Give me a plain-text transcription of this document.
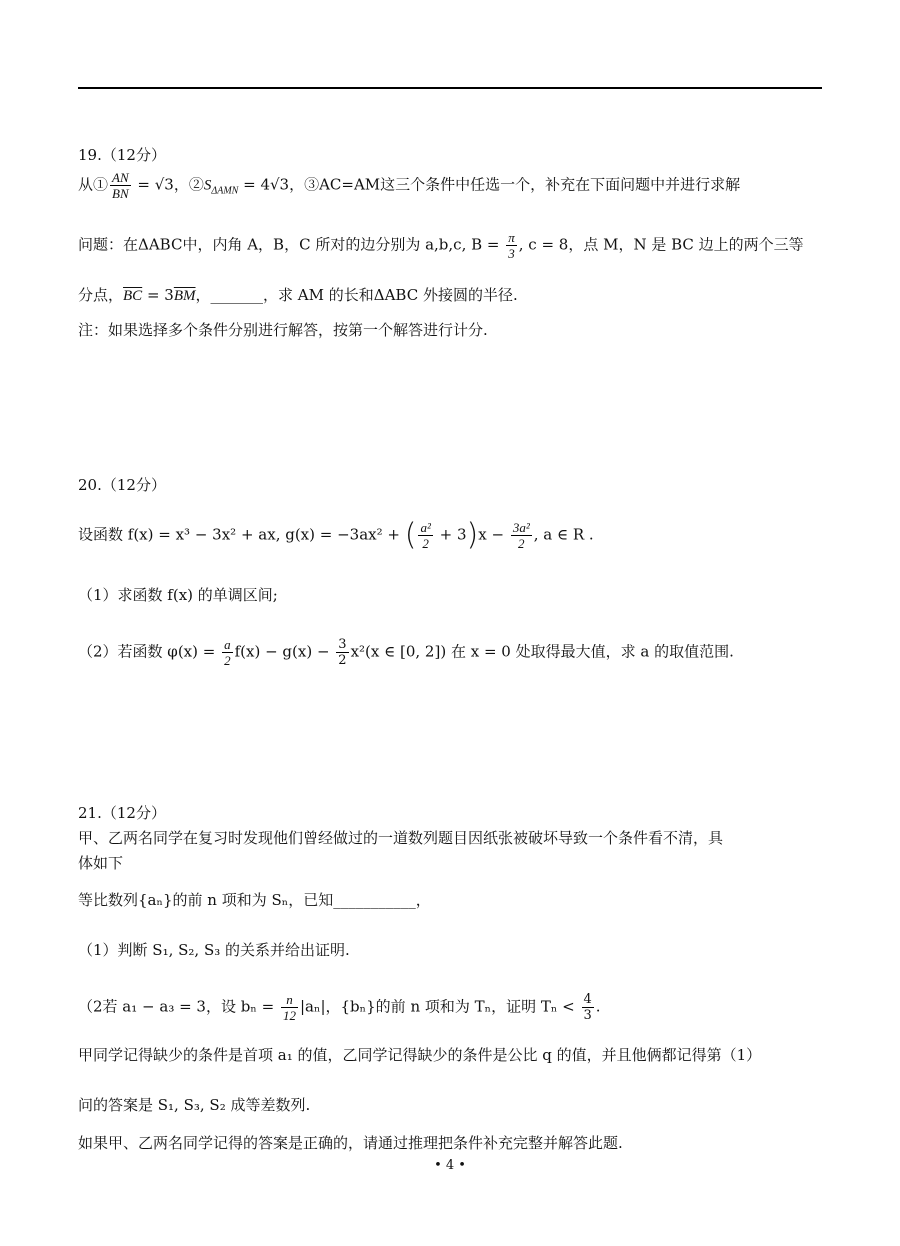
19.（12分）
从① $\frac{AN}{BN} = √3$，$②S_{\Delta AMN} = 4√3$，③AC=AM这三个条件中任选一个，补充在下面问题中并进行求解
问题：在ΔABC中，内角 A，B，C 所对的边分别为 a,b,c, $B = \frac{\pi}{3}$ , c = 8，点 M，N 是 BC 边上的两个三等
分点，$\overline{BC} = 3\overline{BM}$，_______，求 AM 的长和ΔABC 外接圆的半径.
注：如果选择多个条件分别进行解答，按第一个解答进行计分.
20.（12分）
设函数 f(x) = x³ − 3x² + ax, g(x) = −3ax² + ( $\frac{\text{a²}}{2} + 3)x - \frac{\text{3a²}}{2}$ , a ∈ R .
（1）求函数 f(x) 的单调区间;
（2）若函数 $\varphi(x) = \frac{a}{2} f(x) - g(x) - \frac{3}{2} x^2(x$ ∈ [0, 2]) 在 x = 0 处取得最大值，求 a 的取值范围.
21.（12分）
甲、乙两名同学在复习时发现他们曾经做过的一道数列题目因纸张被破坏导致一个条件看不清，具
体如下
等比数列{aₙ}的前 n 项和为 Sₙ，已知___________，
（1）判断 S₁, S₂, S₃ 的关系并给出证明.
（2若 a₁ − a₃ = 3，设 $b_n = \frac{n}{12} |a_n|$，{bₙ}的前 n 项和为 Tₙ，证明 $T_n < \frac{4}{3}$ .
甲同学记得缺少的条件是首项 a₁ 的值，乙同学记得缺少的条件是公比 q 的值，并且他俩都记得第（1）
问的答案是 S₁, S₃, S₂ 成等差数列.
如果甲、乙两名同学记得的答案是正确的，请通过推理把条件补充完整并解答此题.
• 4 •
